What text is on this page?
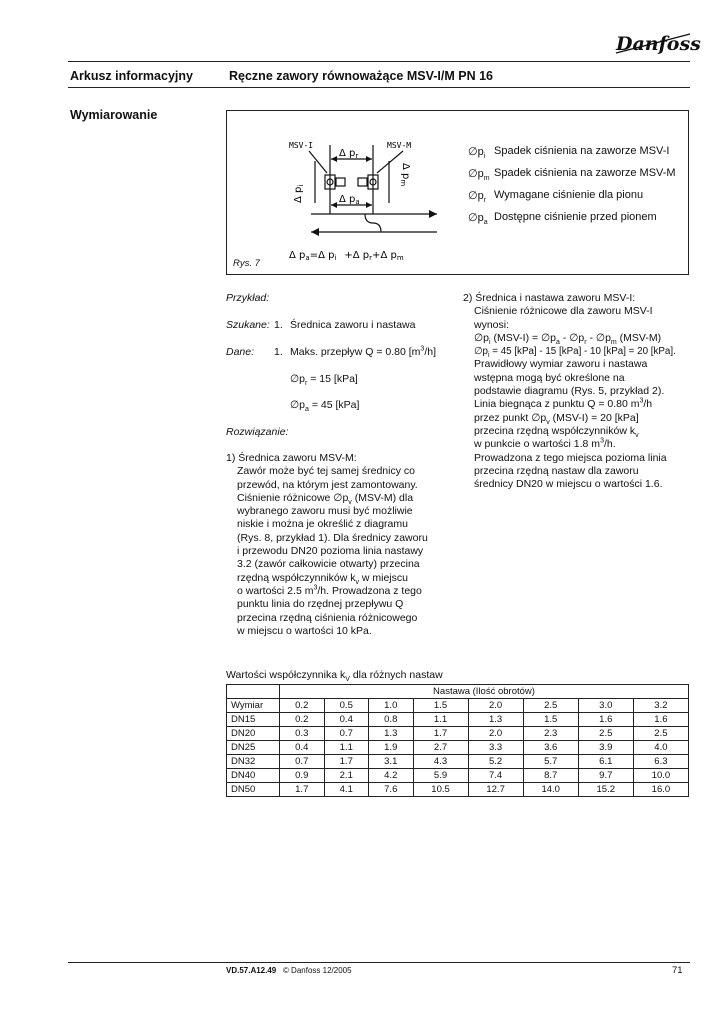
Danfoss
Arkusz informacyjny	Ręczne zawory równoważące MSV-I/M PN 16
Wymiarowanie
MSV-I	MSV-M
Δ $p_r$
Δ $p_a$
Δ $p_i$
Δ $p_m$
Δ $p_a=\Delta$ $p_i +\Delta$ $p_r+\Delta$ $p_m$
$\emptyset p_i$ Spadek ciśnienia na zaworze MSV-I
$\emptyset p_m$ Spadek ciśnienia na zaworze MSV-M
$\emptyset p_r$ Wymagane ciśnienie dla pionu
$\emptyset p_a$ Dostępne ciśnienie przed pionem
Rys. 7
Przykład:
Szukane: 1. Średnica zaworu i nastawa
Dane: 1. Maks. przepływ Q = 0.80 $[m^3/h]$
$\emptyset p_r = 15$ [kPa]
$\emptyset p_a = 45$ [kPa]
Rozwiązanie:
1) Średnica zaworu MSV-M:
Zawór może być tej samej średnicy co
przewód, na którym jest zamontowany.
Ciśnienie różnicowe $\emptyset p_v$ (MSV-M) dla
wybranego zaworu musi być możliwie
niskie i można je określić z diagramu
(Rys. 8, przykład 1). Dla średnicy zaworu
i przewodu DN20 pozioma linia nastawy
3.2 (zawór całkowicie otwarty) przecina
rzędną współczynników $k_v$ w miejscu
o wartości 2.5 $m^3/h$. Prowadzona z tego
punktu linia do rzędnej przepływu Q
przecina rzędną ciśnienia różnicowego
w miejscu o wartości 10 kPa.
2) Średnica i nastawa zaworu MSV-I:
Ciśnienie różnicowe dla zaworu MSV-I
wynosi:
$\emptyset p_i$ $(MSV-I) = \emptyset p_a$ - $\emptyset p_r$ - $\emptyset p_m$ (MSV-M)
$\emptyset p_i = 45$ [kPa] - 15 [kPa] - 10 [kPa] = 20 [kPa].
Prawidłowy wymiar zaworu i nastawa
wstępna mogą być określone na
podstawie diagramu (Rys. 5, przykład 2).
Linia biegnąca z punktu Q = 0.80 $m^3/h$
przez punkt $\emptyset p_v$ (MSV-I) = 20 [kPa]
przecina rzędną współczynników $k_v$
w punkcie o wartości 1.8 $m^3/h$.
Prowadzona z tego miejsca pozioma linia
przecina rzędną nastaw dla zaworu
średnicy DN20 w miejscu o wartości 1.6.
Wartości współczynnika $k_V$ dla różnych nastaw
	Nastawa (Ilość obrotów)							
Wymiar	0.2	0.5	1.0	1.5	2.0	2.5	3.0	3.2
DN15	0.2	0.4	0.8	1.1	1.3	1.5	1.6	1.6
DN20	0.3	0.7	1.3	1.7	2.0	2.3	2.5	2.5
DN25	0.4	1.1	1.9	2.7	3.3	3.6	3.9	4.0
DN32	0.7	1.7	3.1	4.3	5.2	5.7	6.1	6.3
DN40	0.9	2.1	4.2	5.9	7.4	8.7	9.7	10.0
DN50	1.7	4.1	7.6	10.5	12.7	14.0	15.2	16.0
VD.57.A12.49 © Danfoss 12/2005	71
